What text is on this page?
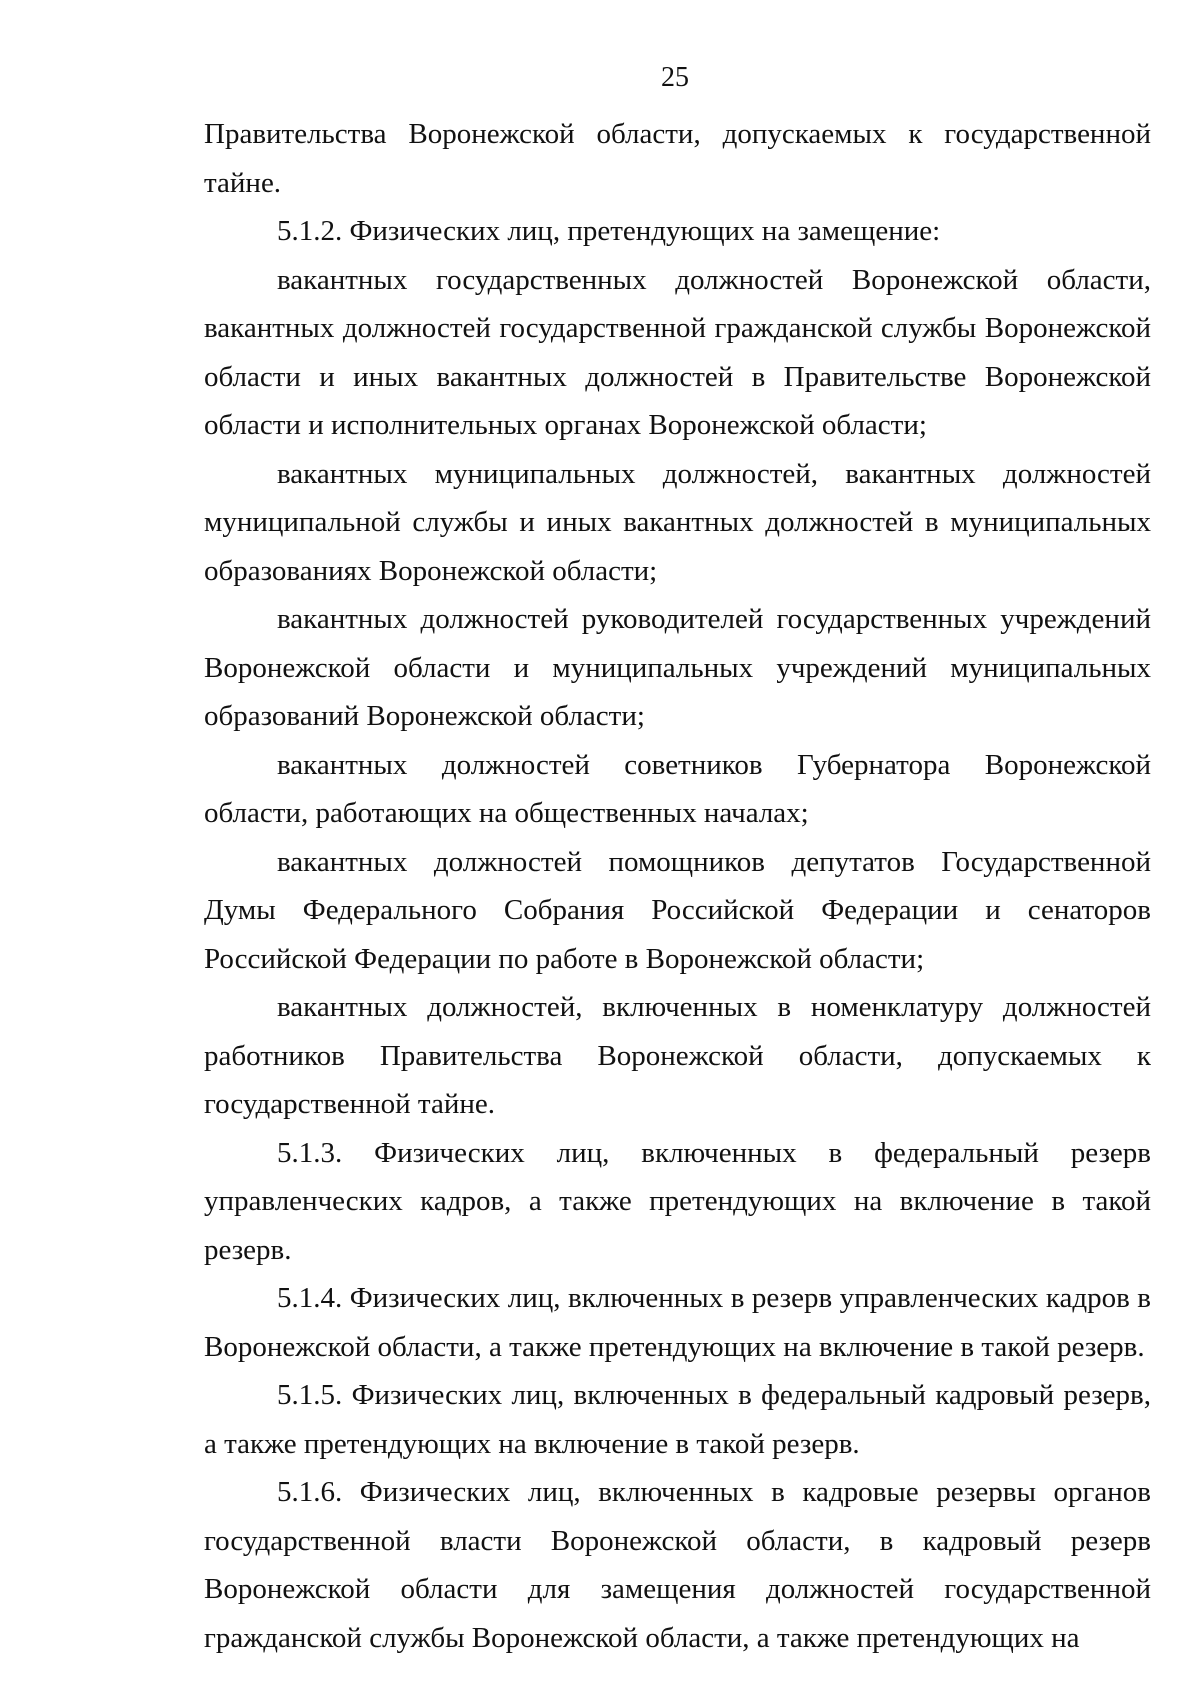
25

Правительства Воронежской области, допускаемых к государственной тайне.

5.1.2. Физических лиц, претендующих на замещение:

вакантных государственных должностей Воронежской области, вакантных должностей государственной гражданской службы Воронежской области и иных вакантных должностей в Правительстве Воронежской области и исполнительных органах Воронежской области;

вакантных муниципальных должностей, вакантных должностей муниципальной службы и иных вакантных должностей в муниципальных образованиях Воронежской области;

вакантных должностей руководителей государственных учреждений Воронежской области и муниципальных учреждений муниципальных образований Воронежской области;

вакантных должностей советников Губернатора Воронежской области, работающих на общественных началах;

вакантных должностей помощников депутатов Государственной Думы Федерального Собрания Российской Федерации и сенаторов Российской Федерации по работе в Воронежской области;

вакантных должностей, включенных в номенклатуру должностей работников Правительства Воронежской области, допускаемых к государственной тайне.

5.1.3. Физических лиц, включенных в федеральный резерв управленческих кадров, а также претендующих на включение в такой резерв.

5.1.4. Физических лиц, включенных в резерв управленческих кадров в Воронежской области, а также претендующих на включение в такой резерв.

5.1.5. Физических лиц, включенных в федеральный кадровый резерв, а также претендующих на включение в такой резерв.

5.1.6. Физических лиц, включенных в кадровые резервы органов государственной власти Воронежской области, в кадровый резерв Воронежской области для замещения должностей государственной гражданской службы Воронежской области, а также претендующих на
